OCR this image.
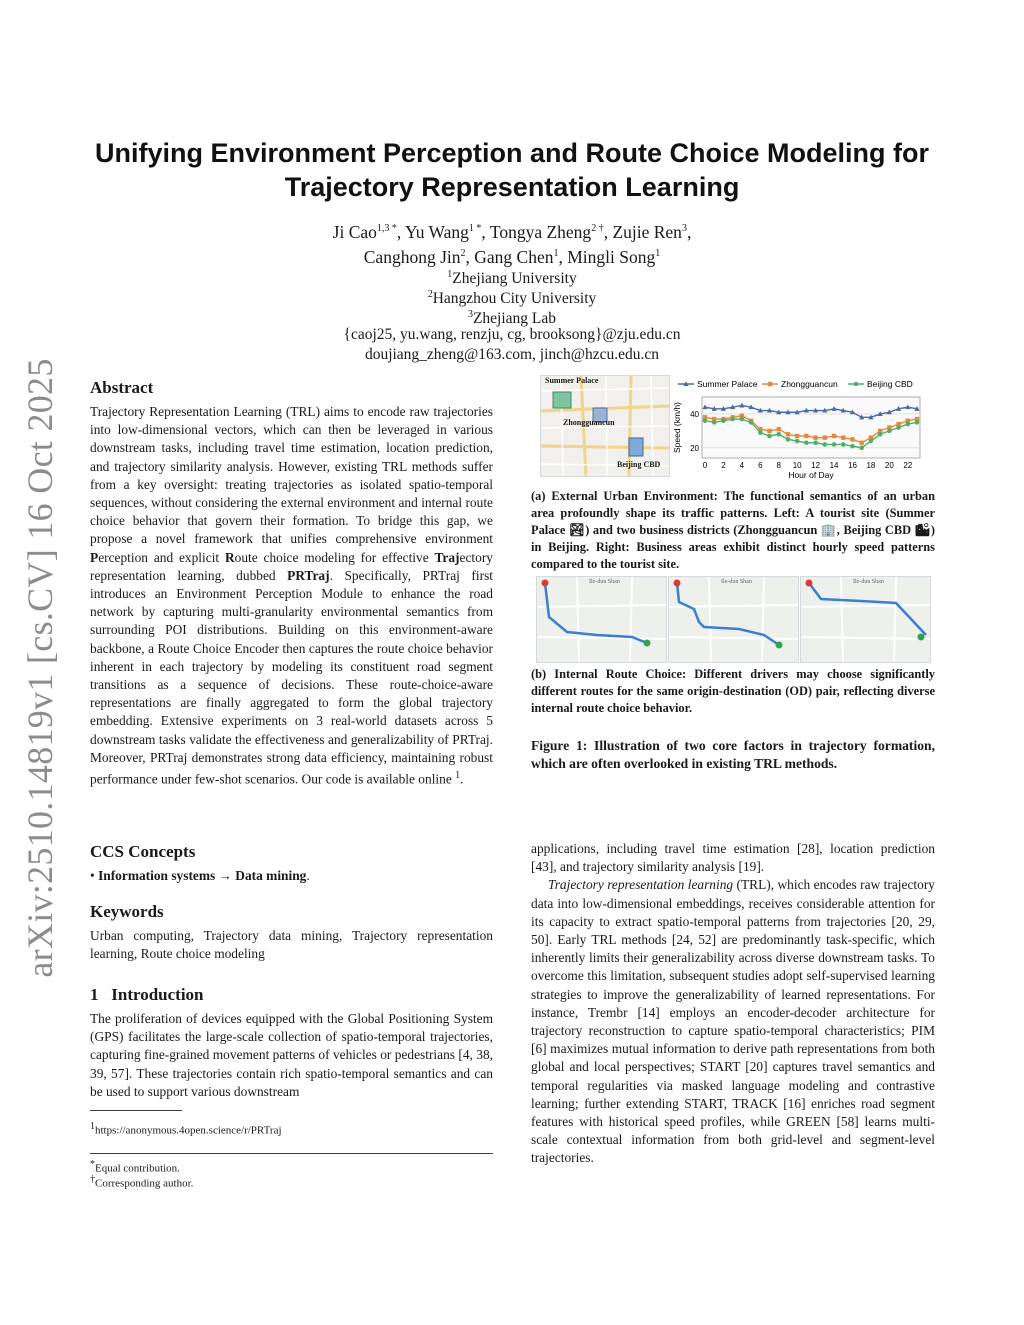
arXiv:2510.14819v1 [cs.CV] 16 Oct 2025
Unifying Environment Perception and Route Choice Modeling for
Trajectory Representation Learning
Ji Cao$^{1,3 *}$, Yu Wang$^{1 *}$, Tongya Zheng$^{2 \dagger}$, Zujie Ren$^3$,
Canghong Jin$^2$, Gang Chen$^1$, Mingli Song$^1$
$^1$Zhejiang University
$^2$Hangzhou City University
$^3$Zhejiang Lab
{caoj25, yu.wang, renzju, cg, brooksong}@zju.edu.cn
doujiang_zheng@163.com, jinch@hzcu.edu.cn
Abstract

Trajectory Representation Learning (TRL) aims to encode raw trajectories into low-dimensional vectors, which can then be leveraged in various downstream tasks, including travel time estimation, location prediction, and trajectory similarity analysis. However, existing TRL methods suffer from a key oversight: treating trajectories as isolated spatio-temporal sequences, without considering the external environment and internal route choice behavior that govern their formation. To bridge this gap, we propose a novel framework that unifies comprehensive environment Perception and explicit Route choice modeling for effective Trajectory representation learning, dubbed PRTraj. Specifically, PRTraj first introduces an Environment Perception Module to enhance the road network by capturing multi-granularity environmental semantics from surrounding POI distributions. Building on this environment-aware backbone, a Route Choice Encoder then captures the route choice behavior inherent in each trajectory by modeling its constituent road segment transitions as a sequence of decisions. These route-choice-aware representations are finally aggregated to form the global trajectory embedding. Extensive experiments on 3 real-world datasets across 5 downstream tasks validate the effectiveness and generalizability of PRTraj. Moreover, PRTraj demonstrates strong data efficiency, maintaining robust performance under few-shot scenarios. Our code is available online $^1$.

CCS Concepts
• Information systems → Data mining.
Keywords
Urban computing, Trajectory data mining, Trajectory representation learning, Route choice modeling
1 Introduction
The proliferation of devices equipped with the Global Positioning System (GPS) facilitates the large-scale collection of spatio-temporal trajectories, capturing fine-grained movement patterns of vehicles or pedestrians [4, 38, 39, 57]. These trajectories contain rich spatio-temporal semantics and can be used to support various downstream
$^1$https://anonymous.4open.science/r/PRTraj
*Equal contribution.
†Corresponding author.
Summer Palace
Zhongguancun
Beijing CBD
20
40
0 2 4 6 8 10 12 14 16 18 20 22
Hour of Day
Speed (km/h)
Summer Palace	Zhongguancun	Beijing CBD
(a) External Urban Environment: The functional semantics of an urban area profoundly shape its traffic patterns. Left: A tourist site (Summer Palace 🏞) and two business districts (Zhongguancun 🏢, Beijing CBD 🏙) in Beijing. Right: Business areas exhibit distinct hourly speed patterns compared to the tourist site.
Ile-dun Shan	Ile-dun Shan	Ile-dun Shan
(b) Internal Route Choice: Different drivers may choose significantly different routes for the same origin-destination (OD) pair, reflecting diverse internal route choice behavior.
Figure 1: Illustration of two core factors in trajectory formation, which are often overlooked in existing TRL methods.

applications, including travel time estimation [28], location prediction [43], and trajectory similarity analysis [19].

Trajectory representation learning (TRL), which encodes raw trajectory data into low-dimensional embeddings, receives considerable attention for its capacity to extract spatio-temporal patterns from trajectories [20, 29, 50]. Early TRL methods [24, 52] are predominantly task-specific, which inherently limits their generalizability across diverse downstream tasks. To overcome this limitation, subsequent studies adopt self-supervised learning strategies to improve the generalizability of learned representations. For instance, Trembr [14] employs an encoder-decoder architecture for trajectory reconstruction to capture spatio-temporal characteristics; PIM [6] maximizes mutual information to derive path representations from both global and local perspectives; START [20] captures travel semantics and temporal regularities via masked language modeling and contrastive learning; further extending START, TRACK [16] enriches road segment features with historical speed profiles, while GREEN [58] learns multi-scale contextual information from both grid-level and segment-level trajectories.
